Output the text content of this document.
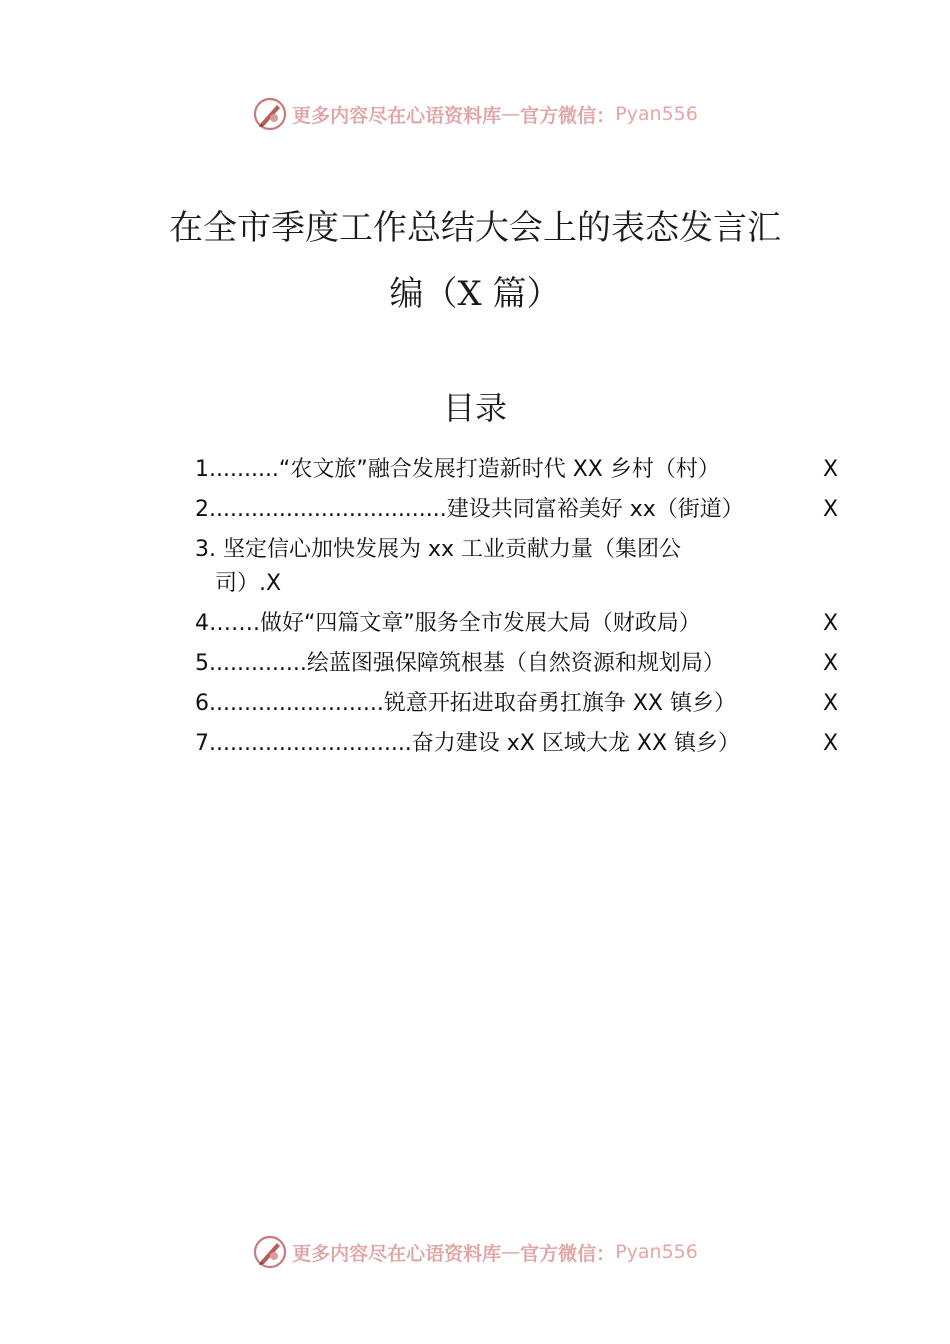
更多内容尽在心语资料库 — 官方微信： Pyan556
在全市季度工作总结大会上的表态发言汇
编（X 篇）
目录
1..........“农文旅”融合发展打造新时代 XX 乡村（村）	X
2..................................建设共同富裕美好 xx（街道）	X
3. 坚定信心加快发展为 xx 工业贡献力量（集团公
司）.X
4…….做好“四篇文章”服务全市发展大局（财政局）	X
5..............绘蓝图强保障筑根基（自然资源和规划局）	X
6.........................锐意开拓进取奋勇扛旗争 XX 镇乡）	X
7.............................奋力建设 xX 区域大龙 XX 镇乡）	X
更多内容尽在心语资料库 — 官方微信： Pyan556
